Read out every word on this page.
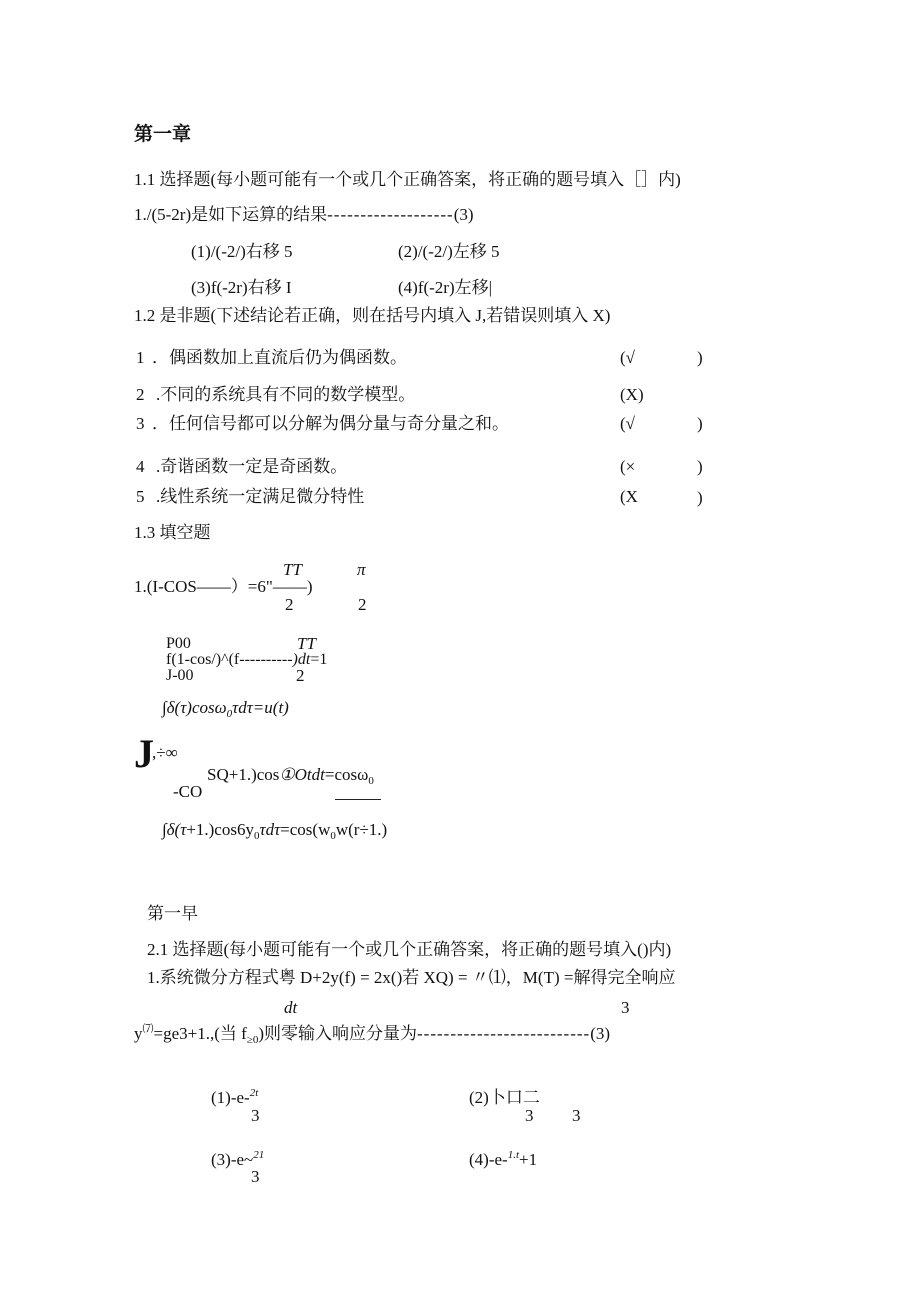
第一章
1.1 选择题(每小题可能有一个或几个正确答案，将正确的题号填入［］内)
1./(5-2r)是如下运算的结果-------------------(3)
(1)/(-2/)右移 5	(2)/(-2/)左移 5
(3)f(-2r)右移 I	(4)f(-2r)左移|
1.2 是非题(下述结论若正确，则在括号内填入 J,若错误则填入 X)
1 ．偶函数加上直流后仍为偶函数。	(√	)
2 .不同的系统具有不同的数学模型。	(X)
3 ．任何信号都可以分解为偶分量与奇分量之和。	(√	)
4 .奇谐函数一定是奇函数。	(×	)
5 .线性系统一定满足微分特性	(X	)
1.3 填空题
TT	π
1.(I-COS——）=6"——)
2	2
P00	TT
f(1-cos/)^(f----------)dt=1
J-00	2
∫δ(τ)cosω$_0$τdτ=u(t)
J
,÷∞
SQ+1.)cos①Otdt=cosω$_0$
-CO
$\int\delta(\tau+1.)\cos 6y_0\tau d\tau=\cos(w_0w(r\div 1.)$
第一早
2.1 选择题(每小题可能有一个或几个正确答案，将正确的题号填入()内)
1.系统微分方程式粤 D+2y(f) = 2x()若 XQ) = 〃⑴，M(T) =解得完全响应
dt	3
y⑺=ge3+1.,(当 $f_{\ge 0}$)则零输入响应分量为--------------------------(3)
(1)-e-$^{2t}$
3
(2)卜口二
3 3
(3)-e~$^{21}$
3
(4)-e-$^{1.t}$+1
